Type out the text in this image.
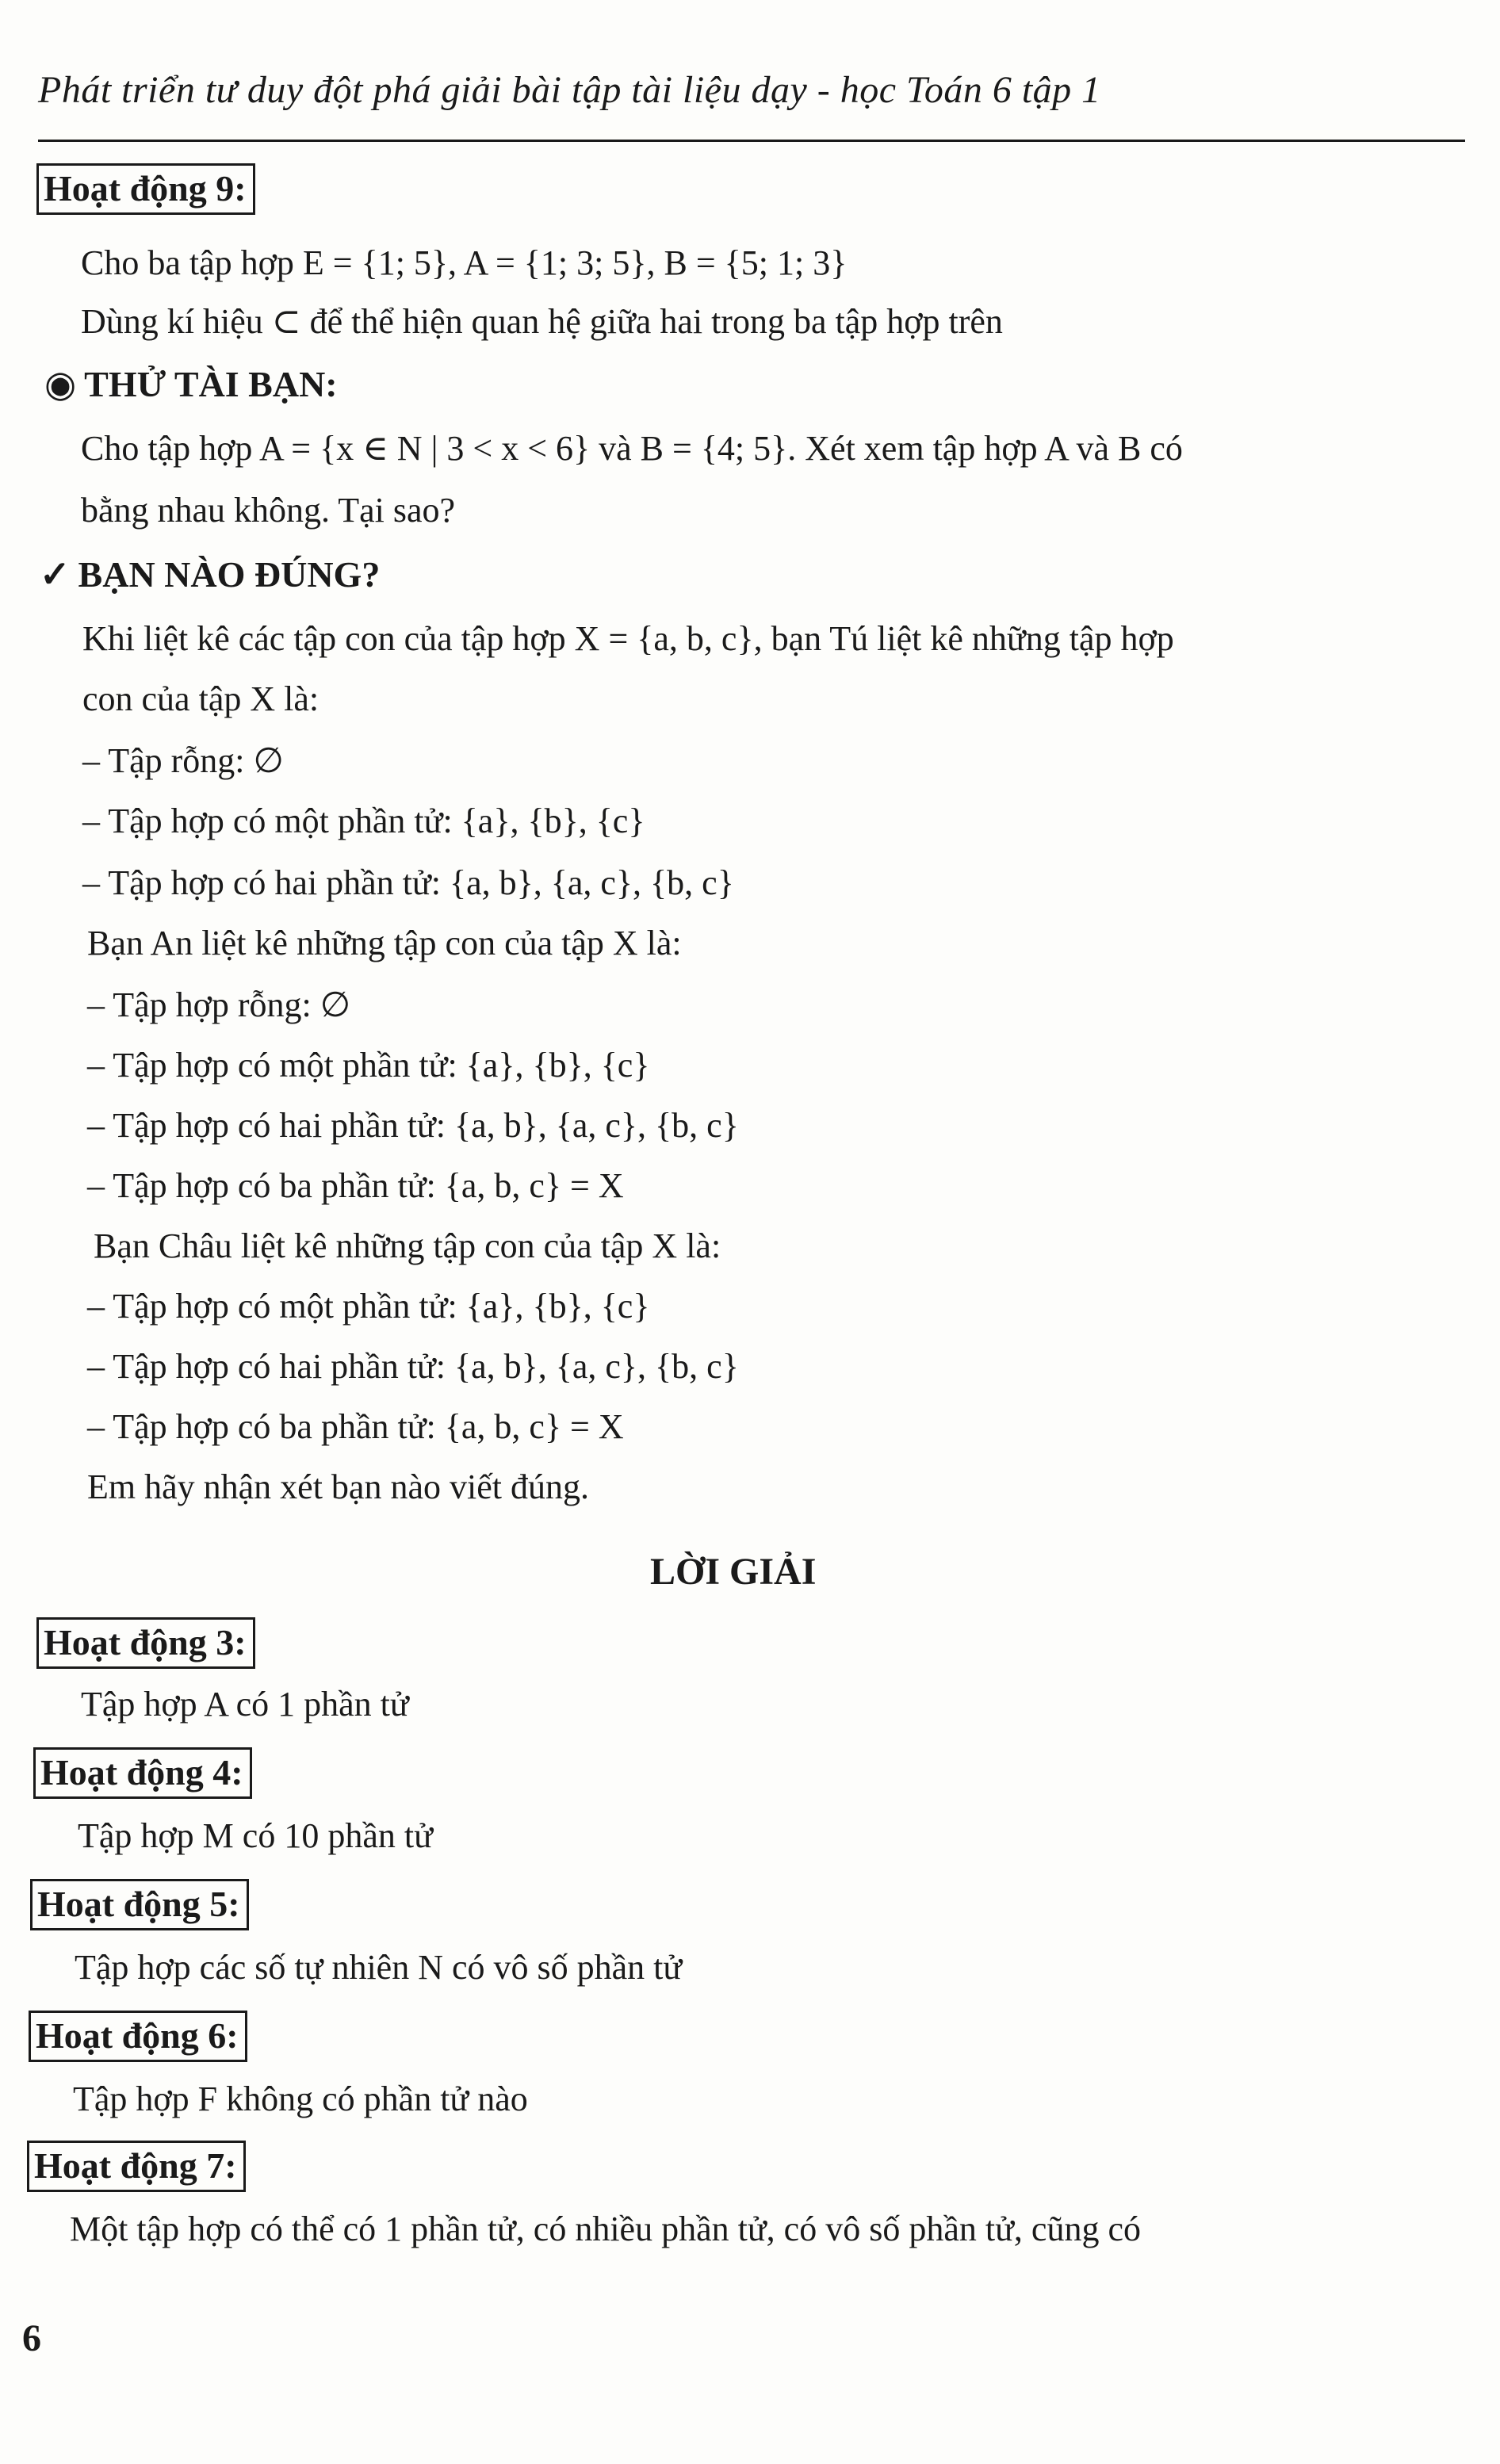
Phát triển tư duy đột phá giải bài tập tài liệu dạy - học Toán 6 tập 1
Hoạt động 9:
Cho ba tập hợp E = {1; 5}, A = {1; 3; 5}, B = {5; 1; 3}
Dùng kí hiệu ⊂ để thể hiện quan hệ giữa hai trong ba tập hợp trên
◉ THỬ TÀI BẠN:
Cho tập hợp A = {x ∈ N | 3 < x < 6} và B = {4; 5}. Xét xem tập hợp A và B có
bằng nhau không. Tại sao?
✓ BẠN NÀO ĐÚNG?
Khi liệt kê các tập con của tập hợp X = {a, b, c}, bạn Tú liệt kê những tập hợp
con của tập X là:
– Tập rỗng: ∅
– Tập hợp có một phần tử: {a}, {b}, {c}
– Tập hợp có hai phần tử: {a, b}, {a, c}, {b, c}
Bạn An liệt kê những tập con của tập X là:
– Tập hợp rỗng: ∅
– Tập hợp có một phần tử: {a}, {b}, {c}
– Tập hợp có hai phần tử: {a, b}, {a, c}, {b, c}
– Tập hợp có ba phần tử: {a, b, c} = X
Bạn Châu liệt kê những tập con của tập X là:
– Tập hợp có một phần tử: {a}, {b}, {c}
– Tập hợp có hai phần tử: {a, b}, {a, c}, {b, c}
– Tập hợp có ba phần tử: {a, b, c} = X
Em hãy nhận xét bạn nào viết đúng.
LỜI GIẢI
Hoạt động 3:
Tập hợp A có 1 phần tử
Hoạt động 4:
Tập hợp M có 10 phần tử
Hoạt động 5:
Tập hợp các số tự nhiên N có vô số phần tử
Hoạt động 6:
Tập hợp F không có phần tử nào
Hoạt động 7:
Một tập hợp có thể có 1 phần tử, có nhiều phần tử, có vô số phần tử, cũng có
6
